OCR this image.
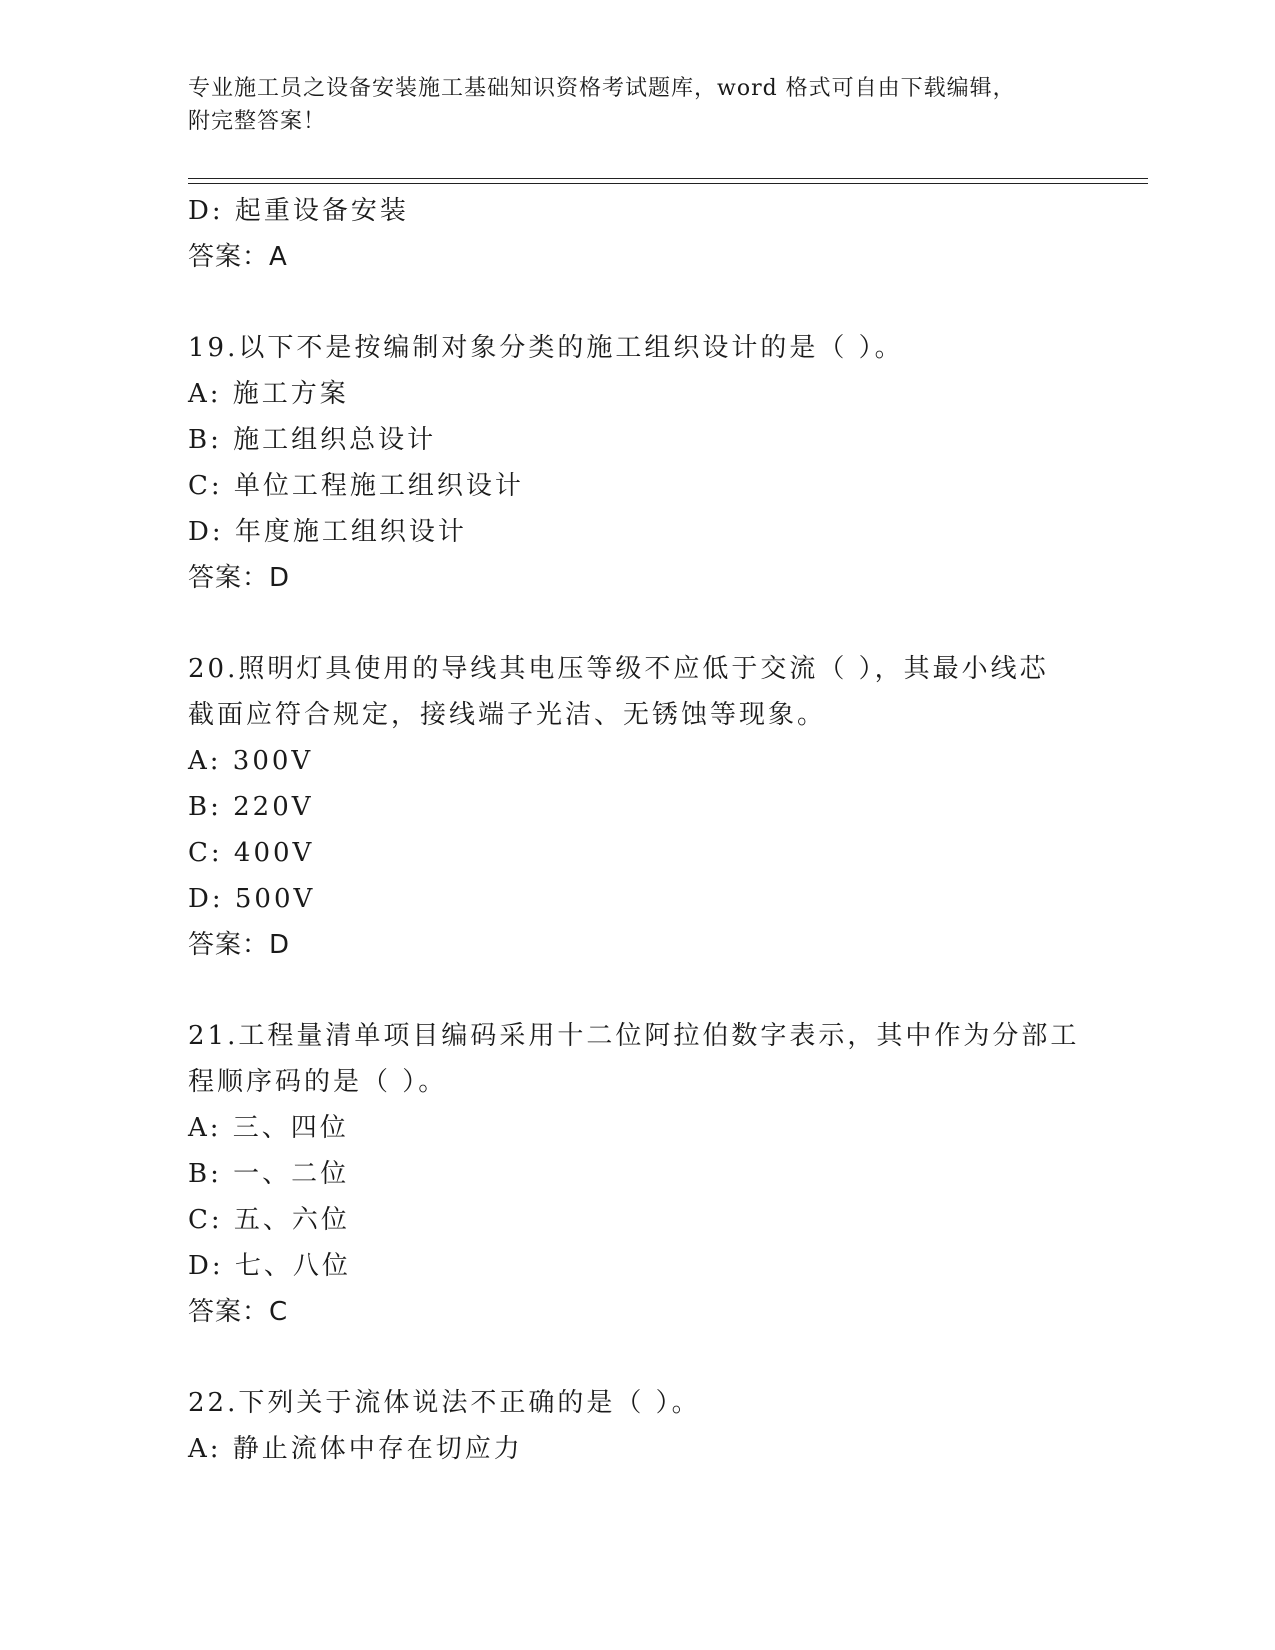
专业施工员之设备安装施工基础知识资格考试题库，word 格式可自由下载编辑，
附完整答案！
D: 起重设备安装
答案：A
19.以下不是按编制对象分类的施工组织设计的是（ ）。
A: 施工方案
B: 施工组织总设计
C: 单位工程施工组织设计
D: 年度施工组织设计
答案：D
20.照明灯具使用的导线其电压等级不应低于交流（ ），其最小线芯
截面应符合规定，接线端子光洁、无锈蚀等现象。
A: 300V
B: 220V
C: 400V
D: 500V
答案：D
21.工程量清单项目编码采用十二位阿拉伯数字表示，其中作为分部工
程顺序码的是（ ）。
A: 三、四位
B: 一、二位
C: 五、六位
D: 七、八位
答案：C
22.下列关于流体说法不正确的是（ ）。
A: 静止流体中存在切应力
